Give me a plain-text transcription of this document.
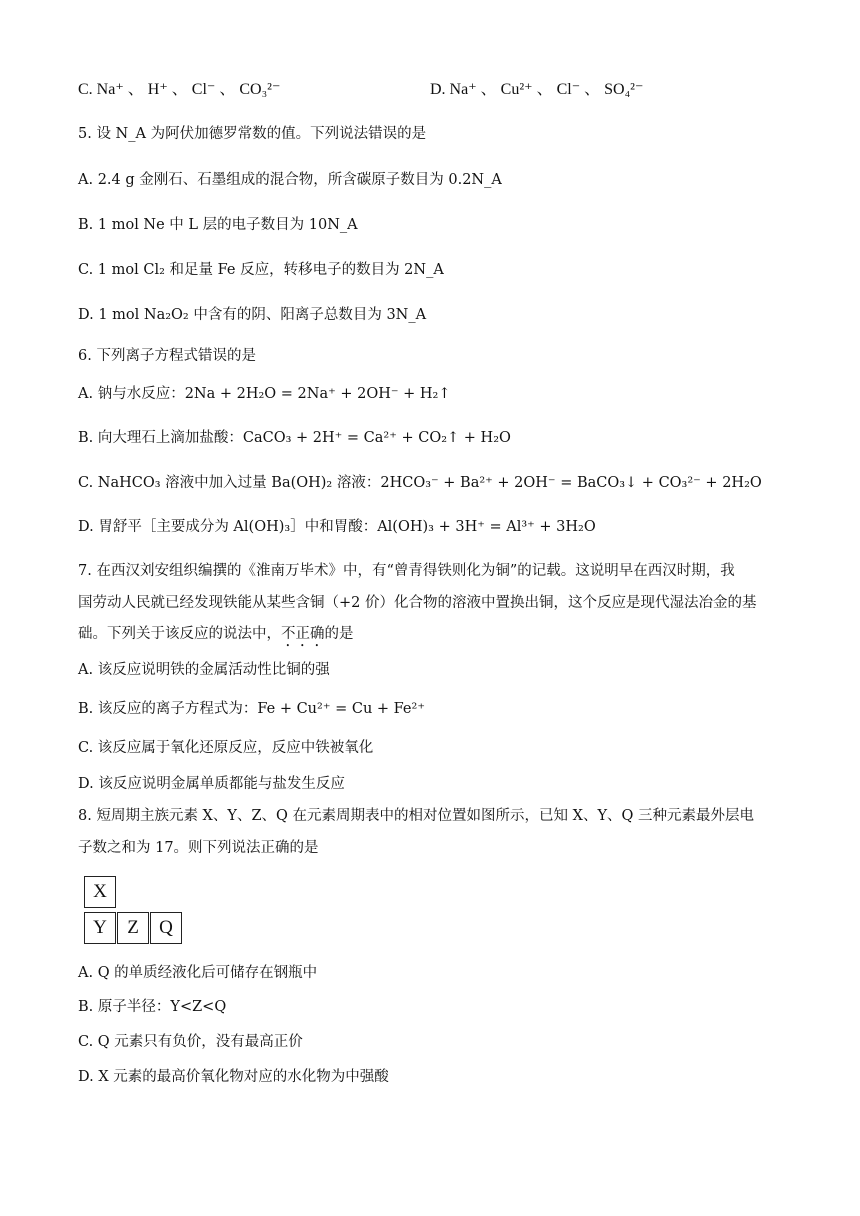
C. Na⁺ 、 H⁺ 、 Cl⁻ 、 CO₃²⁻	D. Na⁺ 、 Cu²⁺ 、 Cl⁻ 、 SO₄²⁻
5. 设 N_A 为阿伏加德罗常数的值。下列说法错误的是
A. 2.4 g 金刚石、石墨组成的混合物，所含碳原子数目为 0.2N_A
B. 1 mol Ne 中 L 层的电子数目为 10N_A
C. 1 mol Cl₂ 和足量 Fe 反应，转移电子的数目为 2N_A
D. 1 mol Na₂O₂ 中含有的阴、阳离子总数目为 3N_A
6. 下列离子方程式错误的是
A. 钠与水反应：2Na + 2H₂O = 2Na⁺ + 2OH⁻ + H₂↑
B. 向大理石上滴加盐酸：CaCO₃ + 2H⁺ = Ca²⁺ + CO₂↑ + H₂O
C. NaHCO₃ 溶液中加入过量 Ba(OH)₂ 溶液：2HCO₃⁻ + Ba²⁺ + 2OH⁻ = BaCO₃↓ + CO₃²⁻ + 2H₂O
D. 胃舒平［主要成分为 Al(OH)₃］中和胃酸：Al(OH)₃ + 3H⁺ = Al³⁺ + 3H₂O
7. 在西汉刘安组织编撰的《淮南万毕术》中，有“曾青得铁则化为铜”的记载。这说明早在西汉时期，我
国劳动人民就已经发现铁能从某些含铜（+2 价）化合物的溶液中置换出铜，这个反应是现代湿法冶金的基
础。下列关于该反应的说法中，不正确的是
A. 该反应说明铁的金属活动性比铜的强
B. 该反应的离子方程式为：Fe + Cu²⁺ = Cu + Fe²⁺
C. 该反应属于氧化还原反应，反应中铁被氧化
D. 该反应说明金属单质都能与盐发生反应
8. 短周期主族元素 X、Y、Z、Q 在元素周期表中的相对位置如图所示，已知 X、Y、Q 三种元素最外层电
子数之和为 17。则下列说法正确的是
X
Y	Z	Q
A. Q 的单质经液化后可储存在钢瓶中
B. 原子半径：Y<Z<Q
C. Q 元素只有负价，没有最高正价
D. X 元素的最高价氧化物对应的水化物为中强酸
